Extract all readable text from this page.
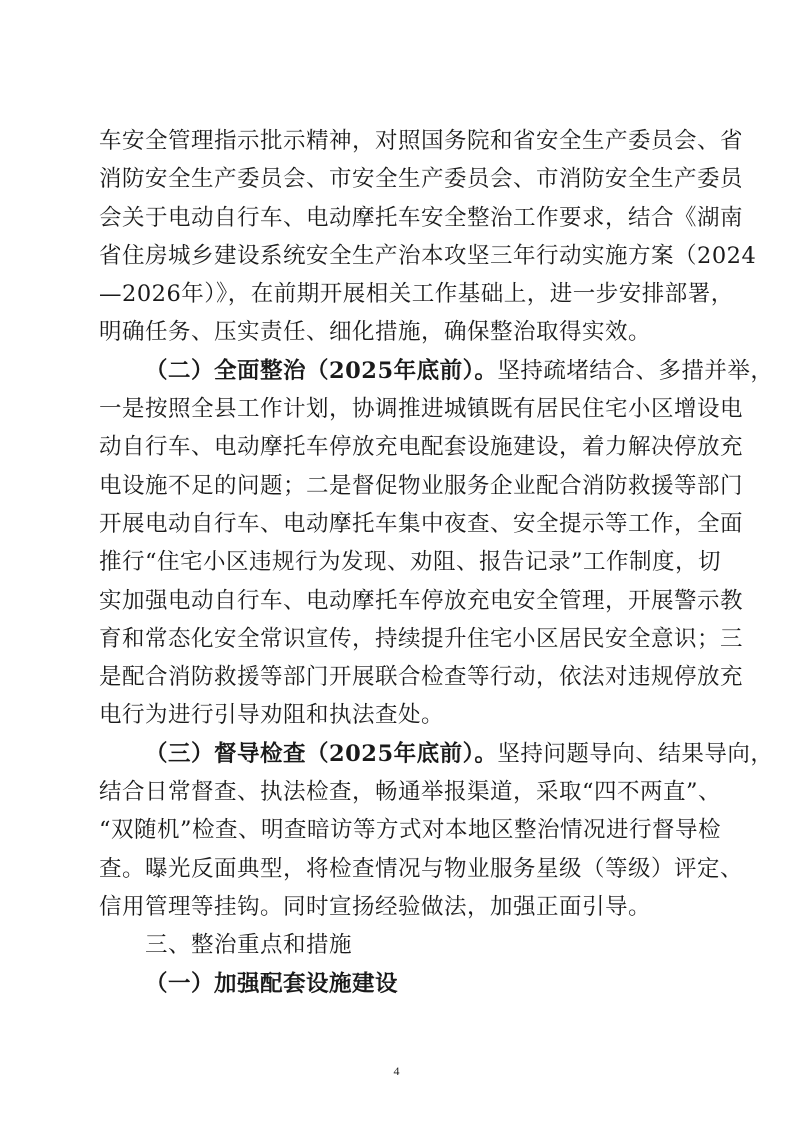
车安全管理指示批示精神，对照国务院和省安全生产委员会、省
消防安全生产委员会、市安全生产委员会、市消防安全生产委员
会关于电动自行车、电动摩托车安全整治工作要求，结合《湖南
省住房城乡建设系统安全生产治本攻坚三年行动实施方案（2024
—2026年）》，在前期开展相关工作基础上，进一步安排部署，
明确任务、压实责任、细化措施，确保整治取得实效。
（二）全面整治（2025年底前）。坚持疏堵结合、多措并举，
一是按照全县工作计划，协调推进城镇既有居民住宅小区增设电
动自行车、电动摩托车停放充电配套设施建设，着力解决停放充
电设施不足的问题；二是督促物业服务企业配合消防救援等部门
开展电动自行车、电动摩托车集中夜查、安全提示等工作，全面
推行“住宅小区违规行为发现、劝阻、报告记录”工作制度，切
实加强电动自行车、电动摩托车停放充电安全管理，开展警示教
育和常态化安全常识宣传，持续提升住宅小区居民安全意识；三
是配合消防救援等部门开展联合检查等行动，依法对违规停放充
电行为进行引导劝阻和执法查处。
（三）督导检查（2025年底前）。坚持问题导向、结果导向，
结合日常督查、执法检查，畅通举报渠道，采取“四不两直”、
“双随机”检查、明查暗访等方式对本地区整治情况进行督导检
查。曝光反面典型，将检查情况与物业服务星级（等级）评定、
信用管理等挂钩。同时宣扬经验做法，加强正面引导。
三、整治重点和措施
（一）加强配套设施建设
4
